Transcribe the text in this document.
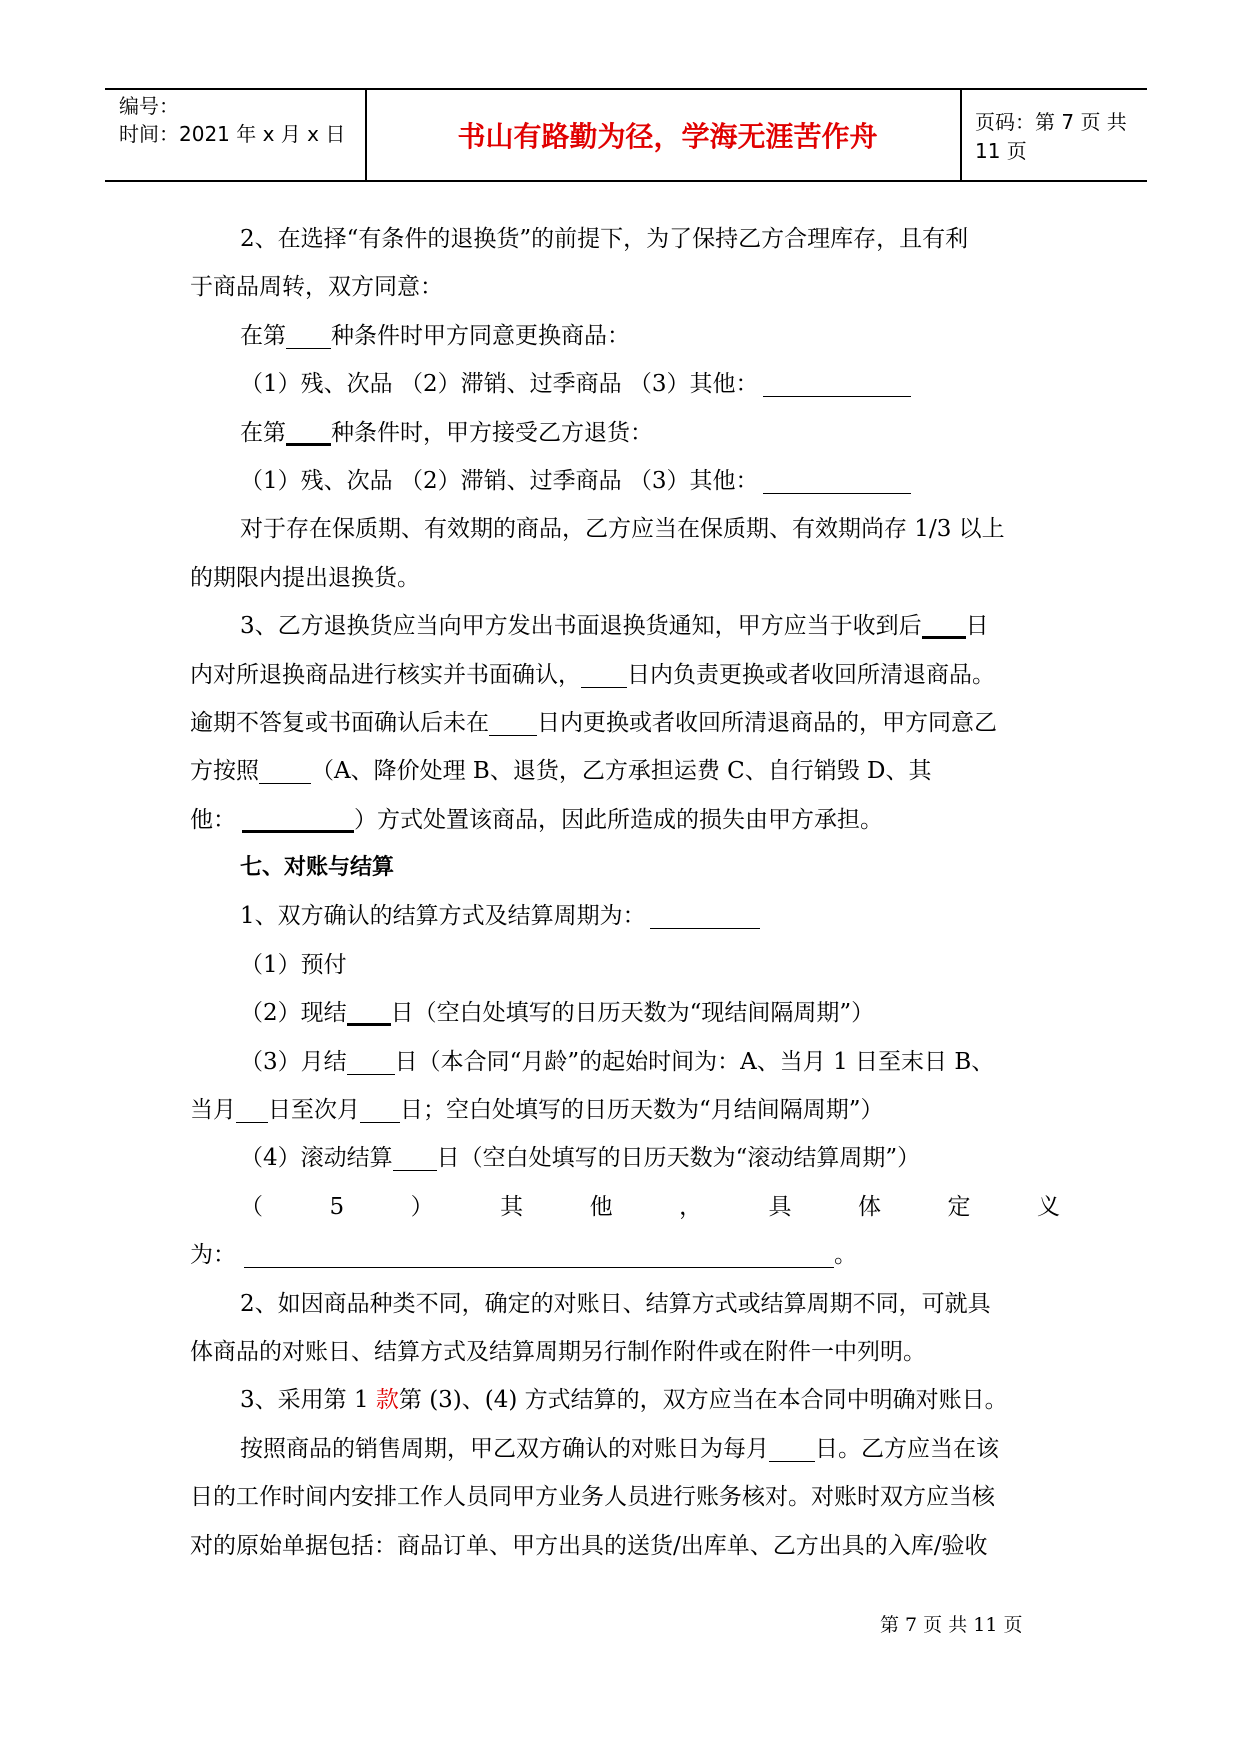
编号：
时间：2021 年 x 月 x 日	书山有路勤为径，学海无涯苦作舟	页码：第 7 页 共 11 页
2、在选择“有条件的退换货”的前提下，为了保持乙方合理库存，且有利
于商品周转，双方同意：
在第 种条件时甲方同意更换商品：
（1）残、次品 （2）滞销、过季商品 （3）其他：
在第 种条件时，甲方接受乙方退货：
（1）残、次品 （2）滞销、过季商品 （3）其他：
对于存在保质期、有效期的商品，乙方应当在保质期、有效期尚存 1/3 以上
的期限内提出退换货。
3、乙方退换货应当向甲方发出书面退换货通知，甲方应当于收到后 日
内对所退换商品进行核实并书面确认， 日内负责更换或者收回所清退商品。
逾期不答复或书面确认后未在 日内更换或者收回所清退商品的，甲方同意乙
方按照 （A、降价处理 B、退货，乙方承担运费 C、自行销毁 D、其
他：	）方式处置该商品，因此所造成的损失由甲方承担。
七、对账与结算
1、双方确认的结算方式及结算周期为：
（1）预付
（2）现结 日（空白处填写的日历天数为“现结间隔周期”）
（3）月结 日（本合同“月龄”的起始时间为：A、当月 1 日至末日 B、
当月 日至次月 日；空白处填写的日历天数为“月结间隔周期”）
（4）滚动结算 日（空白处填写的日历天数为“滚动结算周期”）
（	5	）	其	他	，	具	体	定	义
为：	。
2、如因商品种类不同，确定的对账日、结算方式或结算周期不同，可就具
体商品的对账日、结算方式及结算周期另行制作附件或在附件一中列明。
3、采用第 1 款第 (3)、(4) 方式结算的，双方应当在本合同中明确对账日。
按照商品的销售周期，甲乙双方确认的对账日为每月 日。乙方应当在该
日的工作时间内安排工作人员同甲方业务人员进行账务核对。对账时双方应当核
对的原始单据包括：商品订单、甲方出具的送货/出库单、乙方出具的入库/验收
第 7 页 共 11 页
